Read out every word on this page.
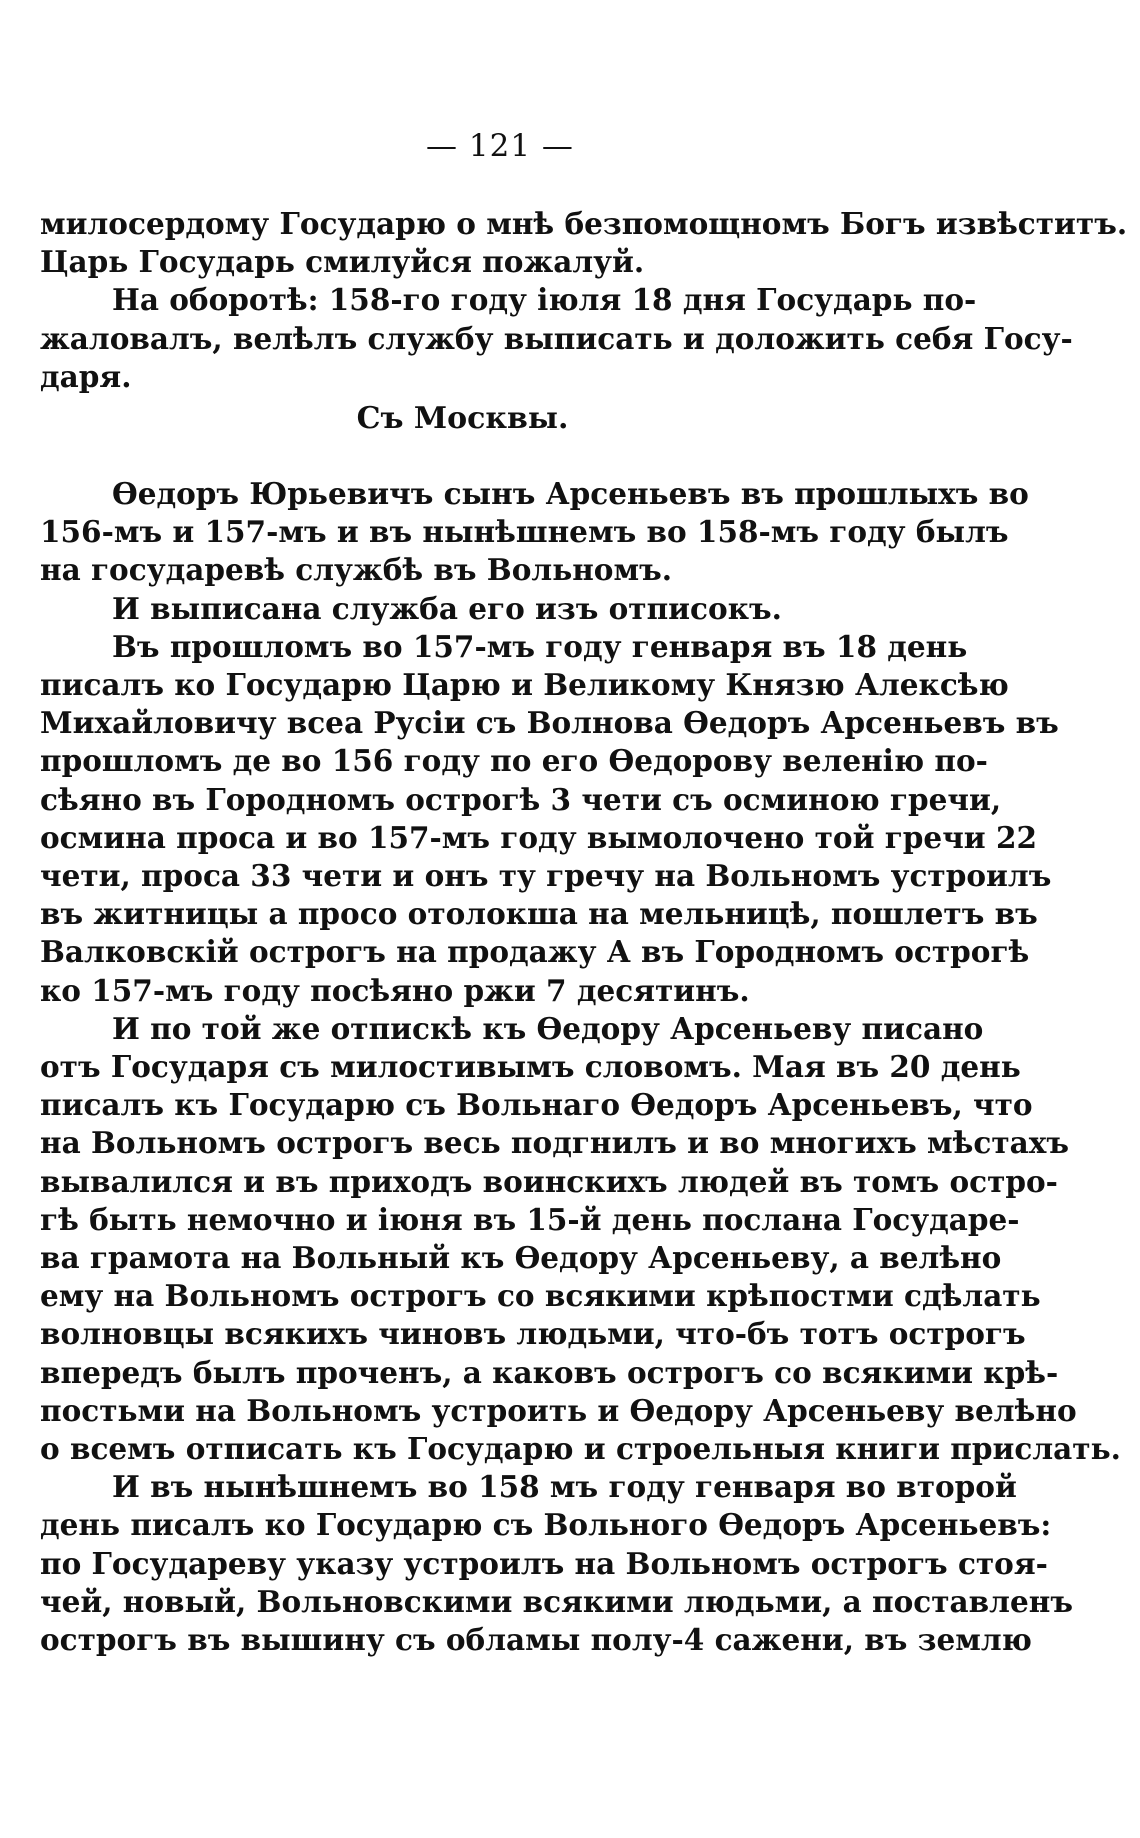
— 121 —
милосердому Государю о мнѣ безпомощномъ Богъ извѣститъ.
Царь Государь смилуйся пожалуй.
На оборотѣ: 158-го году іюля 18 дня Государь по-
жаловалъ, велѣлъ службу выписать и доложить себя Госу-
даря.

Съ Москвы.

Ѳедоръ Юрьевичъ сынъ Арсеньевъ въ прошлыхъ во
156-мъ и 157-мъ и въ нынѣшнемъ во 158-мъ году былъ
на государевѣ службѣ въ Вольномъ.
И выписана служба его изъ отписокъ.
Въ прошломъ во 157-мъ году генваря въ 18 день
писалъ ко Государю Царю и Великому Князю Алексѣю
Михайловичу всеа Русіи съ Волнова Ѳедоръ Арсеньевъ въ
прошломъ де во 156 году по его Ѳедорову веленію по-
сѣяно въ Городномъ острогѣ 3 чети съ осминою гречи,
осмина проса и во 157-мъ году вымолочено той гречи 22
чети, проса 33 чети и онъ ту гречу на Вольномъ устроилъ
въ житницы а просо отолокша на мельницѣ, пошлетъ въ
Валковскій острогъ на продажу А въ Городномъ острогѣ
ко 157-мъ году посѣяно ржи 7 десятинъ.
И по той же отпискѣ къ Ѳедору Арсеньеву писано
отъ Государя съ милостивымъ словомъ. Мая въ 20 день
писалъ къ Государю съ Вольнаго Ѳедоръ Арсеньевъ, что
на Вольномъ острогъ весь подгнилъ и во многихъ мѣстахъ
вывалился и въ приходъ воинскихъ людей въ томъ остро-
гѣ быть немочно и іюня въ 15-й день послана Государе-
ва грамота на Вольный къ Ѳедору Арсеньеву, а велѣно
ему на Вольномъ острогъ со всякими крѣпостми сдѣлать
волновцы всякихъ чиновъ людьми, что-бъ тотъ острогъ
впередъ былъ проченъ, а каковъ острогъ со всякими крѣ-
постьми на Вольномъ устроить и Ѳедору Арсеньеву велѣно
о всемъ отписать къ Государю и строельныя книги прислать.
И въ нынѣшнемъ во 158 мъ году генваря во второй
день писалъ ко Государю съ Вольного Ѳедоръ Арсеньевъ:
по Государеву указу устроилъ на Вольномъ острогъ стоя-
чей, новый, Вольновскими всякими людьми, а поставленъ
острогъ въ вышину съ обламы полу-4 сажени, въ землю
